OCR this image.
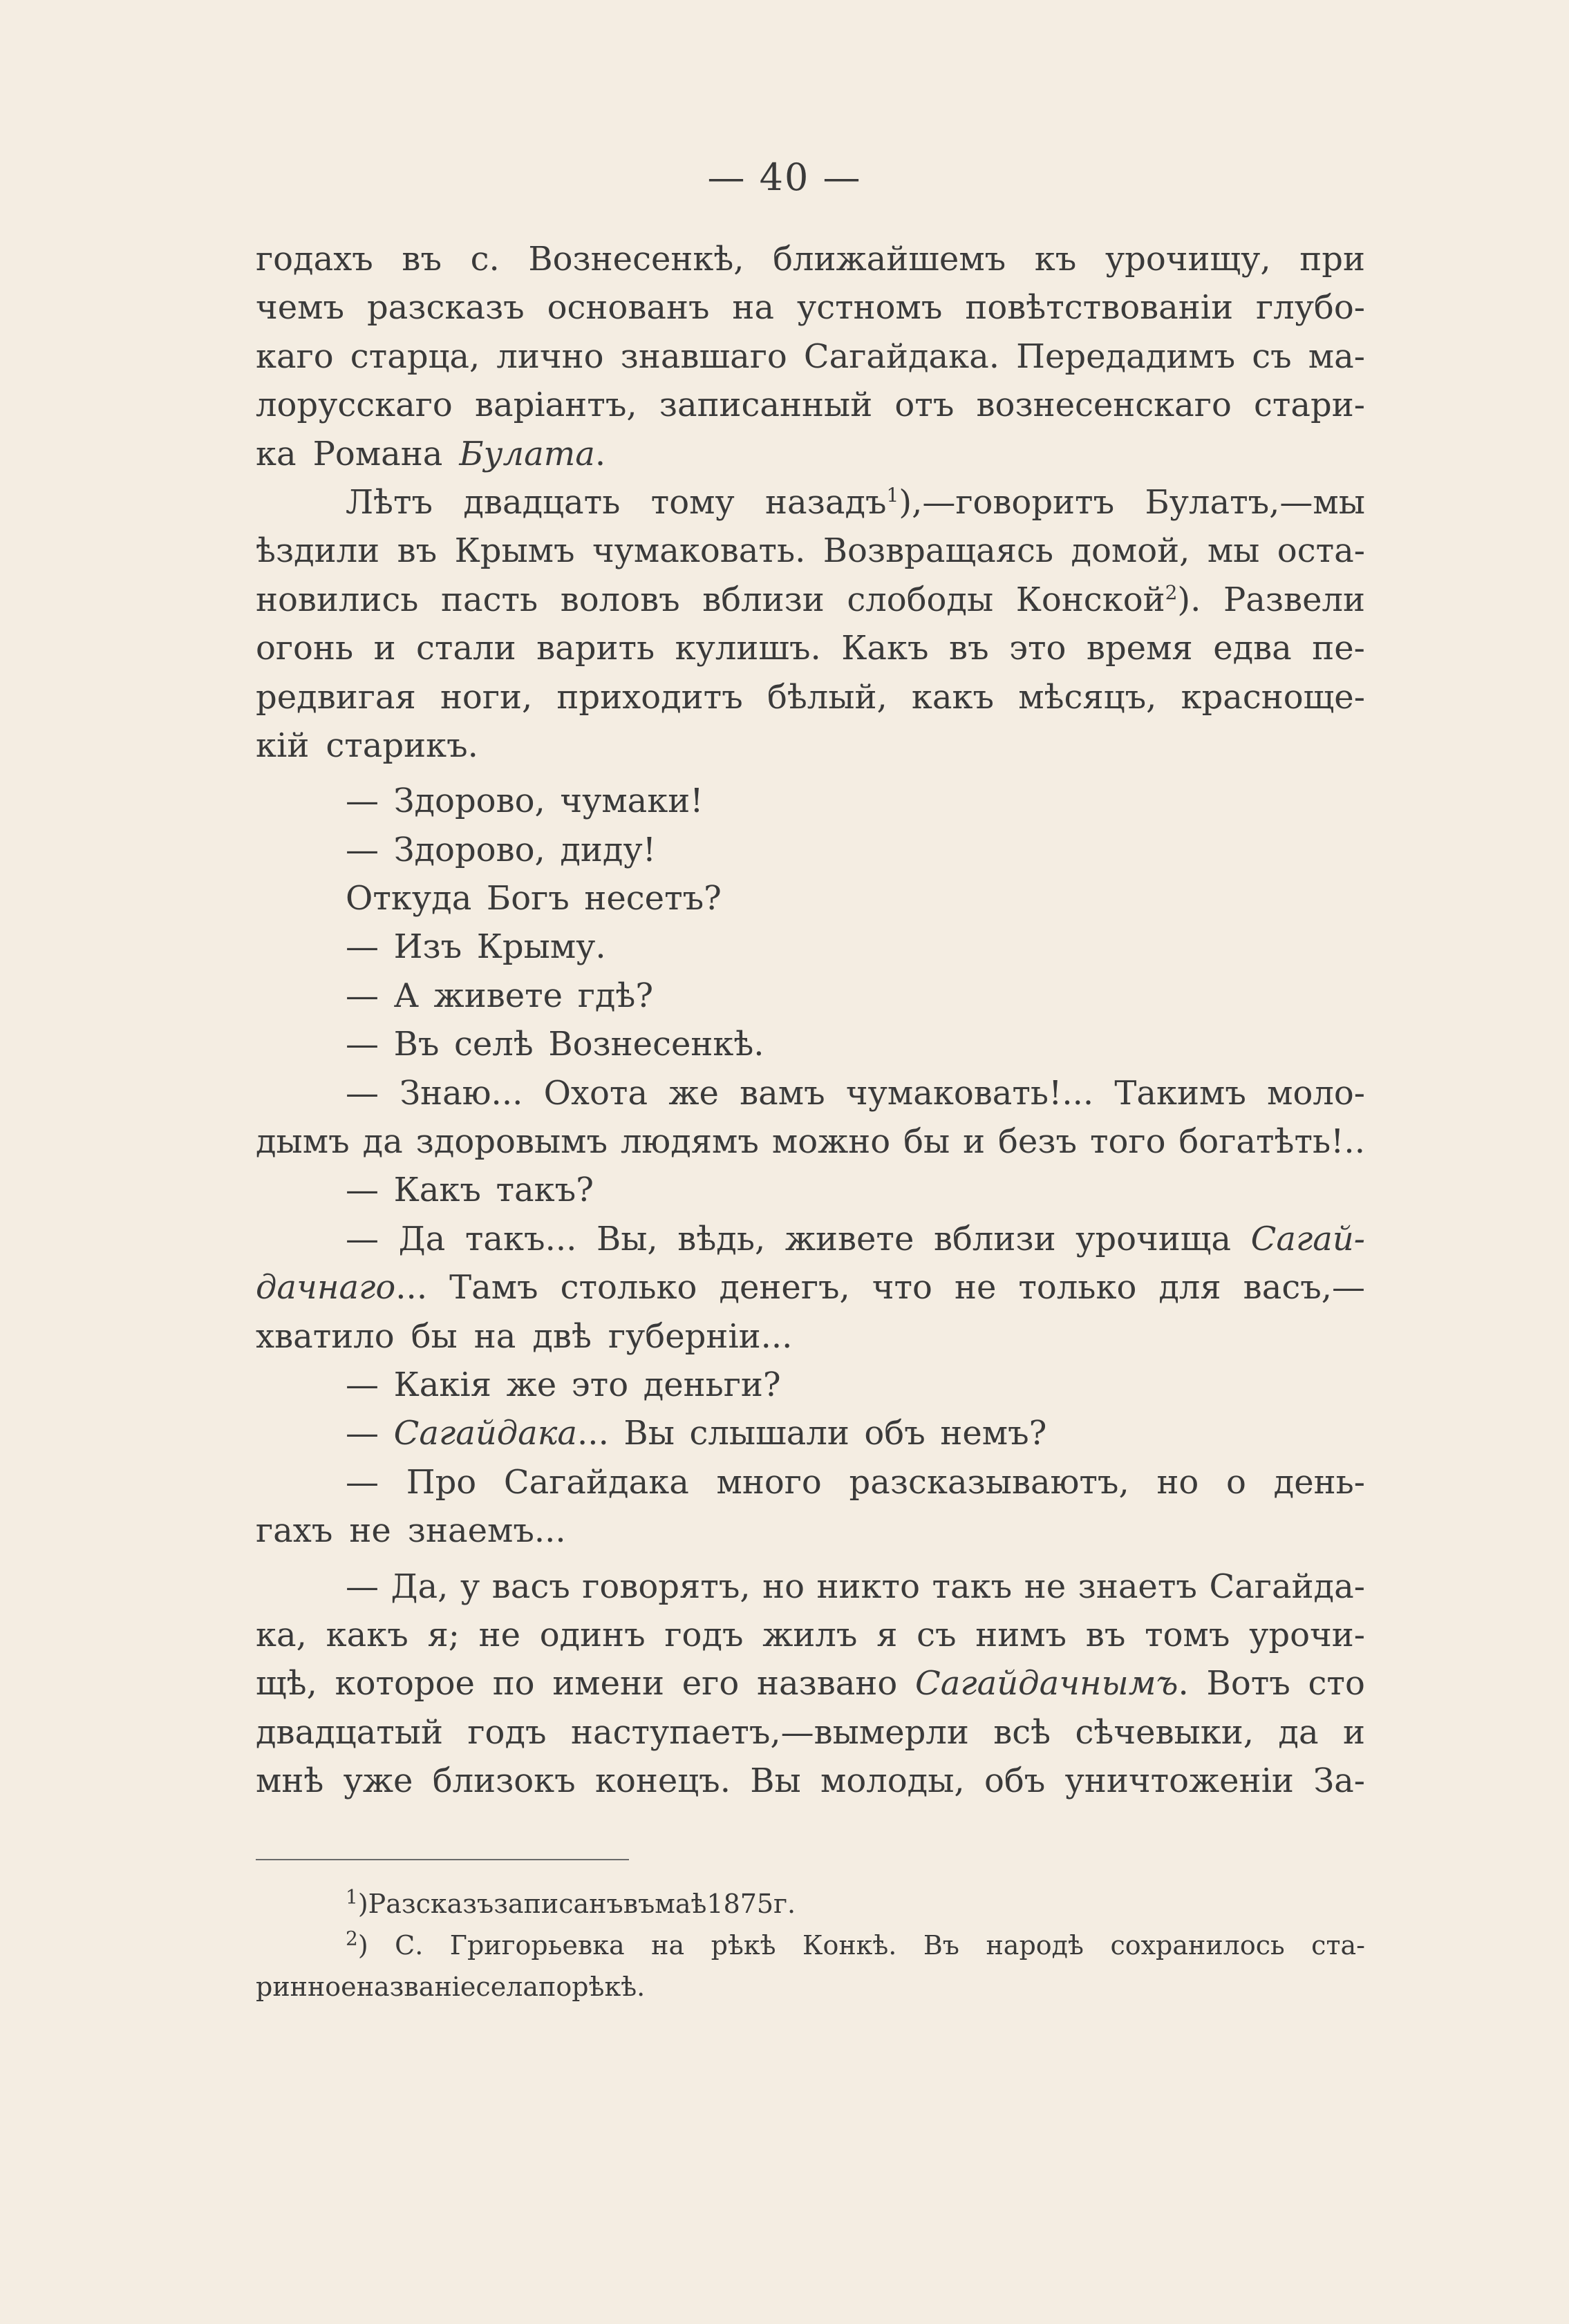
— 40 —
годахъ въ с. Вознесенкѣ, ближайшемъ къ урочищу, при
чемъ разсказъ основанъ на устномъ повѣтствованіи глубо-
каго старца, лично знавшаго Сагайдака. Передадимъ съ ма-
лорусскаго варіантъ, записанный отъ вознесенскаго стари-
ка Романа Булата.
Лѣтъ двадцать тому назадъ$^1$),—говоритъ Булатъ,—мы
ѣздили въ Крымъ чумаковать. Возвращаясь домой, мы оста-
новились пасть воловъ вблизи слободы Конской$^2$). Развели
огонь и стали варить кулишъ. Какъ въ это время едва пе-
редвигая ноги, приходитъ бѣлый, какъ мѣсяцъ, краснощe-
кій старикъ.
— Здорово, чумаки!
— Здорово, диду!
Откуда Богъ несетъ?
— Изъ Крыму.
— А живете гдѣ?
— Въ селѣ Вознесенкѣ.
— Знаю... Охота же вамъ чумаковать!... Такимъ моло-
дымъ да здоровымъ людямъ можно бы и безъ того богатѣть!..
— Какъ такъ?
— Да такъ... Вы, вѣдь, живете вблизи урочища Сагай-
дачнаго... Тамъ столько денегъ, что не только для васъ,—
хватило бы на двѣ губерніи...
— Какія же это деньги?
— Сагайдака... Вы слышали объ немъ?
— Про Сагайдака много разсказываютъ, но о день-
гахъ не знаемъ...
— Да, у васъ говорятъ, но никто такъ не знаетъ Сагайда-
ка, какъ я; не одинъ годъ жилъ я съ нимъ въ томъ урочи-
щѣ, которое по имени его названо Сагайдачнымъ. Вотъ сто
двадцатый годъ наступаетъ,—вымерли всѣ сѣчевыки, да и
мнѣ уже близокъ конецъ. Вы молоды, объ уничтоженіи За-
$^1$) Разсказъ записанъ въ маѣ 1875 г.
$^2$) С. Григорьевка на рѣкѣ Конкѣ. Въ народѣ сохранилось ста-
ринное названіе села по рѣкѣ.
